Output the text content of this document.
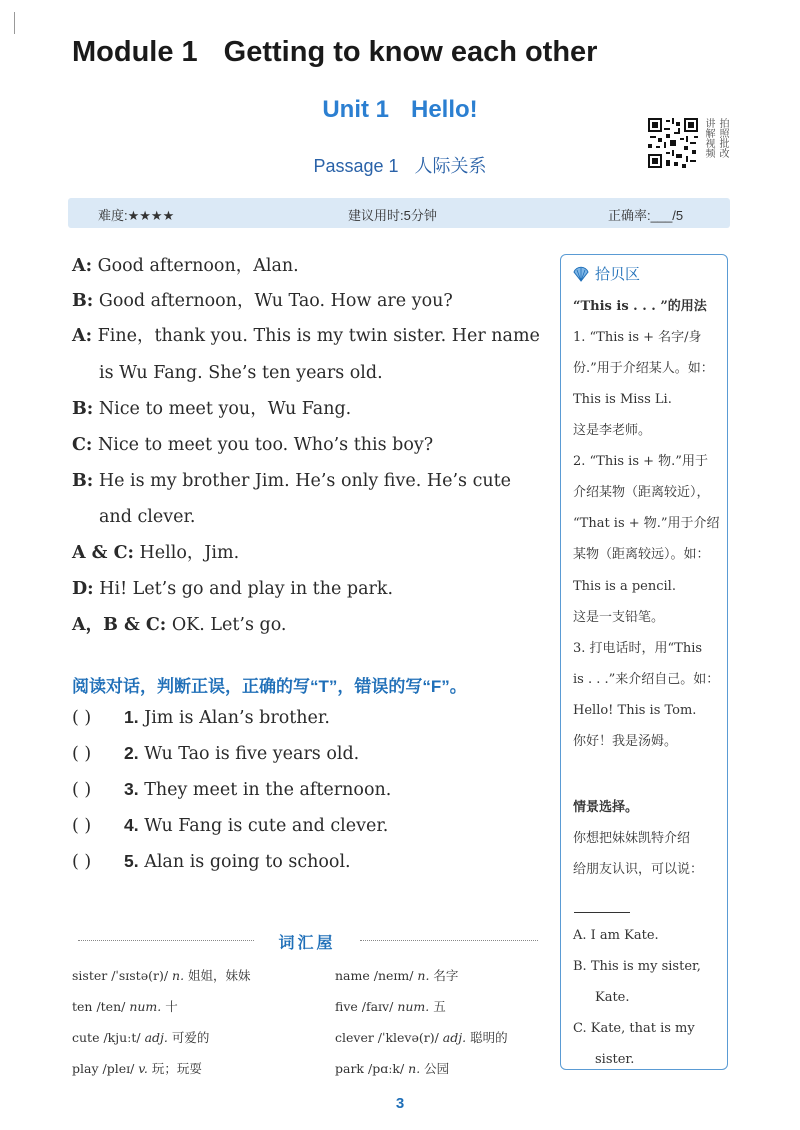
Module 1 Getting to know each other
Unit 1 Hello!
Passage 1 人际关系
讲解视频 拍照批改
难度:★★★★	建议用时:5分钟	正确率:___/5
A: Good afternoon，Alan.
B: Good afternoon，Wu Tao. How are you?
A: Fine，thank you. This is my twin sister. Her name
is Wu Fang. She’s ten years old.
B: Nice to meet you，Wu Fang.
C: Nice to meet you too. Who’s this boy?
B: He is my brother Jim. He’s only five. He’s cute
and clever.
A & C: Hello，Jim.
D: Hi! Let’s go and play in the park.
A，B & C: OK. Let’s go.
阅读对话，判断正误，正确的写“T”，错误的写“F”。
( ) 1. Jim is Alan’s brother.
( ) 2. Wu Tao is five years old.
( ) 3. They meet in the afternoon.
( ) 4. Wu Fang is cute and clever.
( ) 5. Alan is going to school.
词汇屋
sister /ˈsɪstə(r)/ n. 姐姐，妹妹
ten /ten/ num. 十
cute /kjuːt/ adj. 可爱的
play /pleɪ/ v. 玩；玩耍
name /neɪm/ n. 名字
five /faɪv/ num. 五
clever /ˈklevə(r)/ adj. 聪明的
park /pɑːk/ n. 公园
拾贝区
“This is . . . ”的用法
1. “This is + 名字/身
份.”用于介绍某人。如：
This is Miss Li.
这是李老师。
2. “This is + 物.”用于
介绍某物（距离较近），
“That is + 物.”用于介绍
某物（距离较远）。如：
This is a pencil.
这是一支铅笔。
3. 打电话时，用“This
is . . .”来介绍自己。如：
Hello! This is Tom.
你好！我是汤姆。
情景选择。
你想把妹妹凯特介绍
给朋友认识，可以说：
A. I am Kate.
B. This is my sister,
Kate.
C. Kate, that is my
sister.
3
